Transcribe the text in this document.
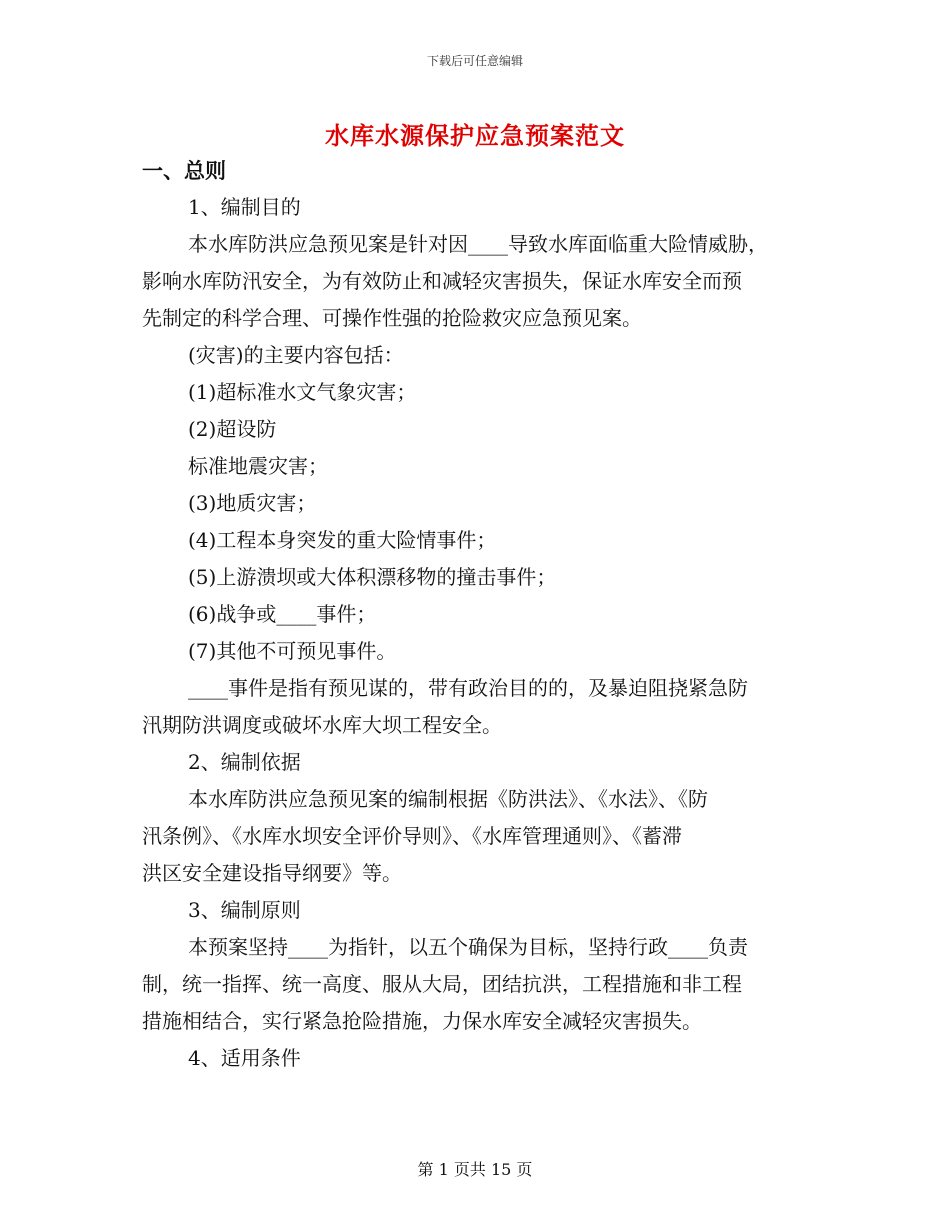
下载后可任意编辑
水库水源保护应急预案范文
一、总则
1、编制目的
本水库防洪应急预见案是针对因____导致水库面临重大险情威胁，
影响水库防汛安全，为有效防止和减轻灾害损失，保证水库安全而预
先制定的科学合理、可操作性强的抢险救灾应急预见案。
(灾害)的主要内容包括：
(1)超标准水文气象灾害；
(2)超设防
标准地震灾害；
(3)地质灾害；
(4)工程本身突发的重大险情事件；
(5)上游溃坝或大体积漂移物的撞击事件；
(6)战争或____事件；
(7)其他不可预见事件。
____事件是指有预见谋的，带有政治目的的，及暴迫阻挠紧急防
汛期防洪调度或破坏水库大坝工程安全。
2、编制依据
本水库防洪应急预见案的编制根据《防洪法》、《水法》、《防
汛条例》、《水库水坝安全评价导则》、《水库管理通则》、《蓄滞
洪区安全建设指导纲要》等。
3、编制原则
本预案坚持____为指针，以五个确保为目标，坚持行政____负责
制，统一指挥、统一高度、服从大局，团结抗洪，工程措施和非工程
措施相结合，实行紧急抢险措施，力保水库安全减轻灾害损失。
4、适用条件
第 1 页共 15 页
